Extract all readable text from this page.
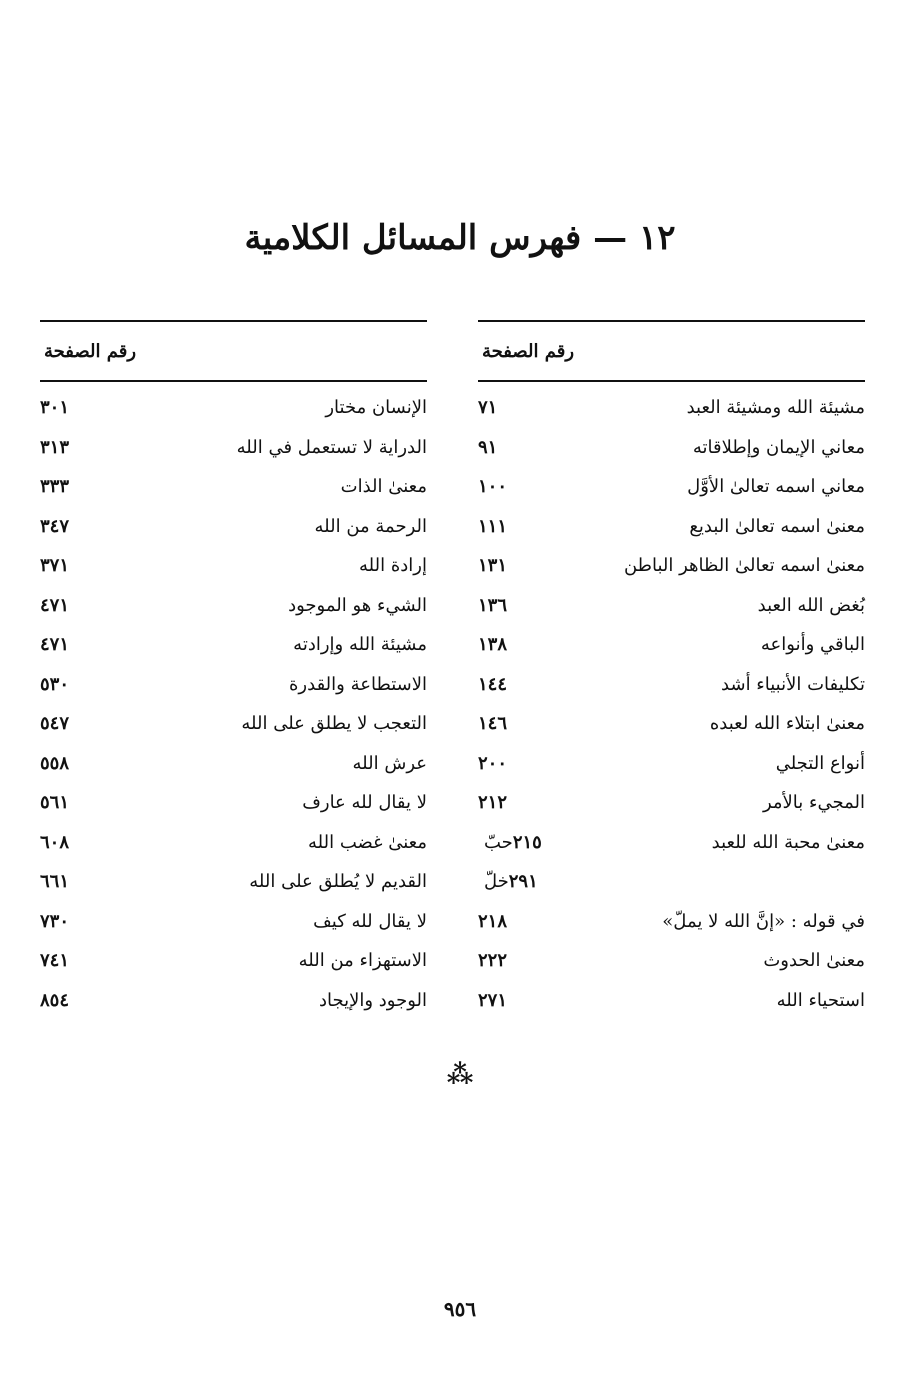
١٢ — فهرس المسائل الكلامية
رقم الصفحة
مشيئة الله ومشيئة العبد
٧١
معاني الإيمان وإطلاقاته
٩١
معاني اسمه تعالىٰ الأوَّل
١٠٠
معنىٰ اسمه تعالىٰ البديع
١١١
معنىٰ اسمه تعالىٰ الظاهر الباطن
١٣١
بُغض الله العبد
١٣٦
الباقي وأنواعه
١٣٨
تكليفات الأنبياء أشد
١٤٤
معنىٰ ابتلاء الله لعبده
١٤٦
أنواع التجلي
٢٠٠
المجيء بالأمر
٢١٢
معنىٰ محبة الله للعبد
٢١٥حبّ
٢٩١خلّ
في قوله : «إنَّ الله لا يملّ»
٢١٨
معنىٰ الحدوث
٢٢٢
استحياء الله
٢٧١
رقم الصفحة
الإنسان مختار
٣٠١
الدراية لا تستعمل في الله
٣١٣
معنىٰ الذات
٣٣٣
الرحمة من الله
٣٤٧
إرادة الله
٣٧١
الشيء هو الموجود
٤٧١
مشيئة الله وإرادته
٤٧١
الاستطاعة والقدرة
٥٣٠
التعجب لا يطلق على الله
٥٤٧
عرش الله
٥٥٨
لا يقال لله عارف
٥٦١
معنىٰ غضب الله
٦٠٨
القديم لا يُطلق على الله
٦٦١
لا يقال لله كيف
٧٣٠
الاستهزاء من الله
٧٤١
الوجود والإيجاد
٨٥٤
⁂
٩٥٦
